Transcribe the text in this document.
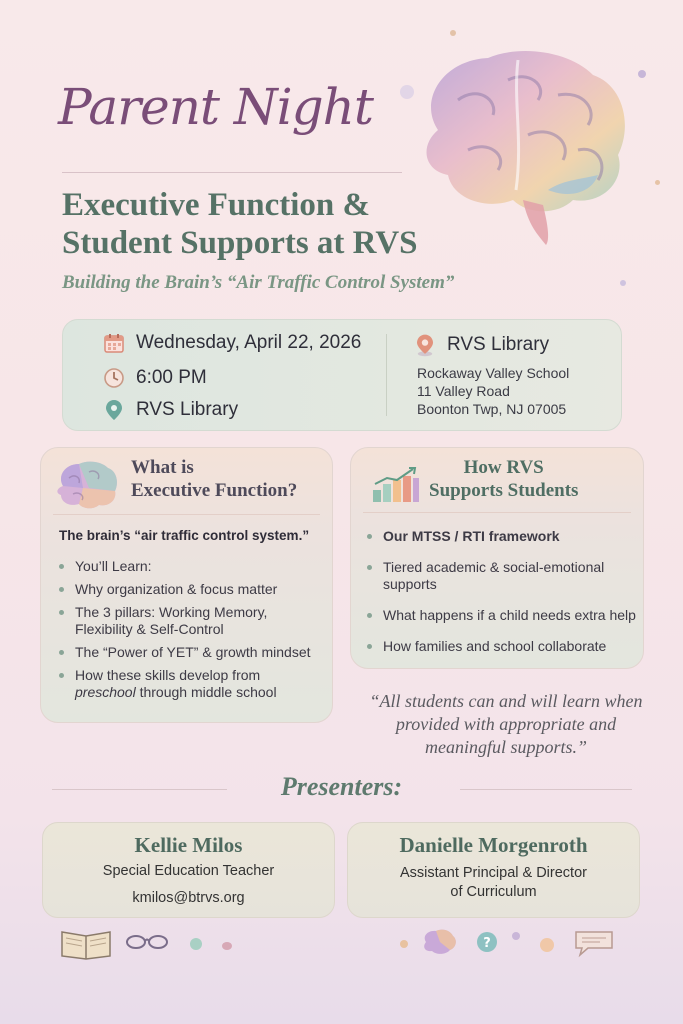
Parent Night
Executive Function &
Student Supports at RVS
Building the Brain’s “Air Traffic Control System”
Wednesday, April 22, 2026
6:00 PM
RVS Library
RVS Library
Rockaway Valley School
11 Valley Road
Boonton Twp, NJ 07005
What is
Executive Function?
The brain’s “air traffic control system.”
You’ll Learn:
Why organization & focus matter
The 3 pillars: Working Memory, Flexibility & Self-Control
The “Power of YET” & growth mindset
How these skills develop from preschool through middle school
How RVS
Supports Students
Our MTSS / RTI framework
Tiered academic & social-emotional supports
What happens if a child needs extra help
How families and school collaborate
“All students can and will learn when provided with appropriate and meaningful supports.”
Presenters:
Kellie Milos
Special Education Teacher
kmilos@btrvs.org
Danielle Morgenroth
Assistant Principal & Director
of Curriculum
?
